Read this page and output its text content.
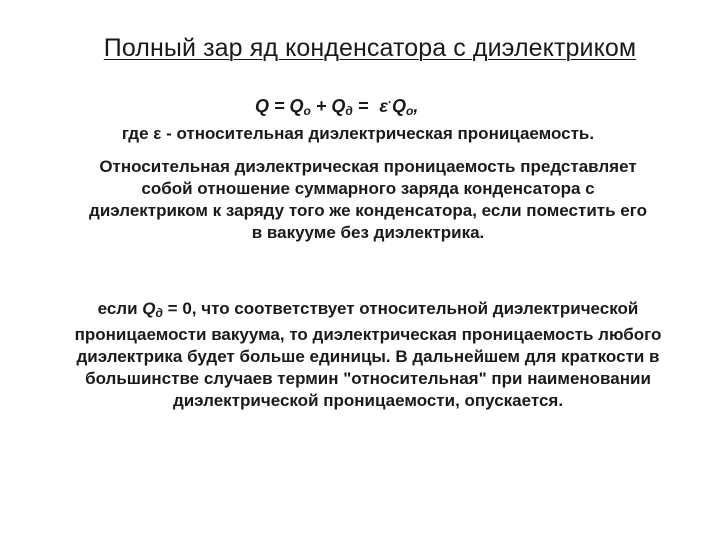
Полный зар яд конденсатора с диэлектриком
$Q = Q_o + Q_д = \varepsilon^\cdot Q_o$,
где ε - относительная диэлектрическая проницаемость.
Относительная диэлектрическая проницаемость представляет собой отношение суммарного заряда конденсатора с диэлектриком к заряду того же конденсатора, если поместить его в вакууме без диэлектрика.
если $Q_д = 0$, что соответствует относительной диэлектрической проницаемости вакуума, то диэлектрическая проницаемость любого диэлектрика будет больше единицы. В дальнейшем для краткости в большинстве случаев термин "относительная" при наименовании диэлектрической проницаемости, опускается.
